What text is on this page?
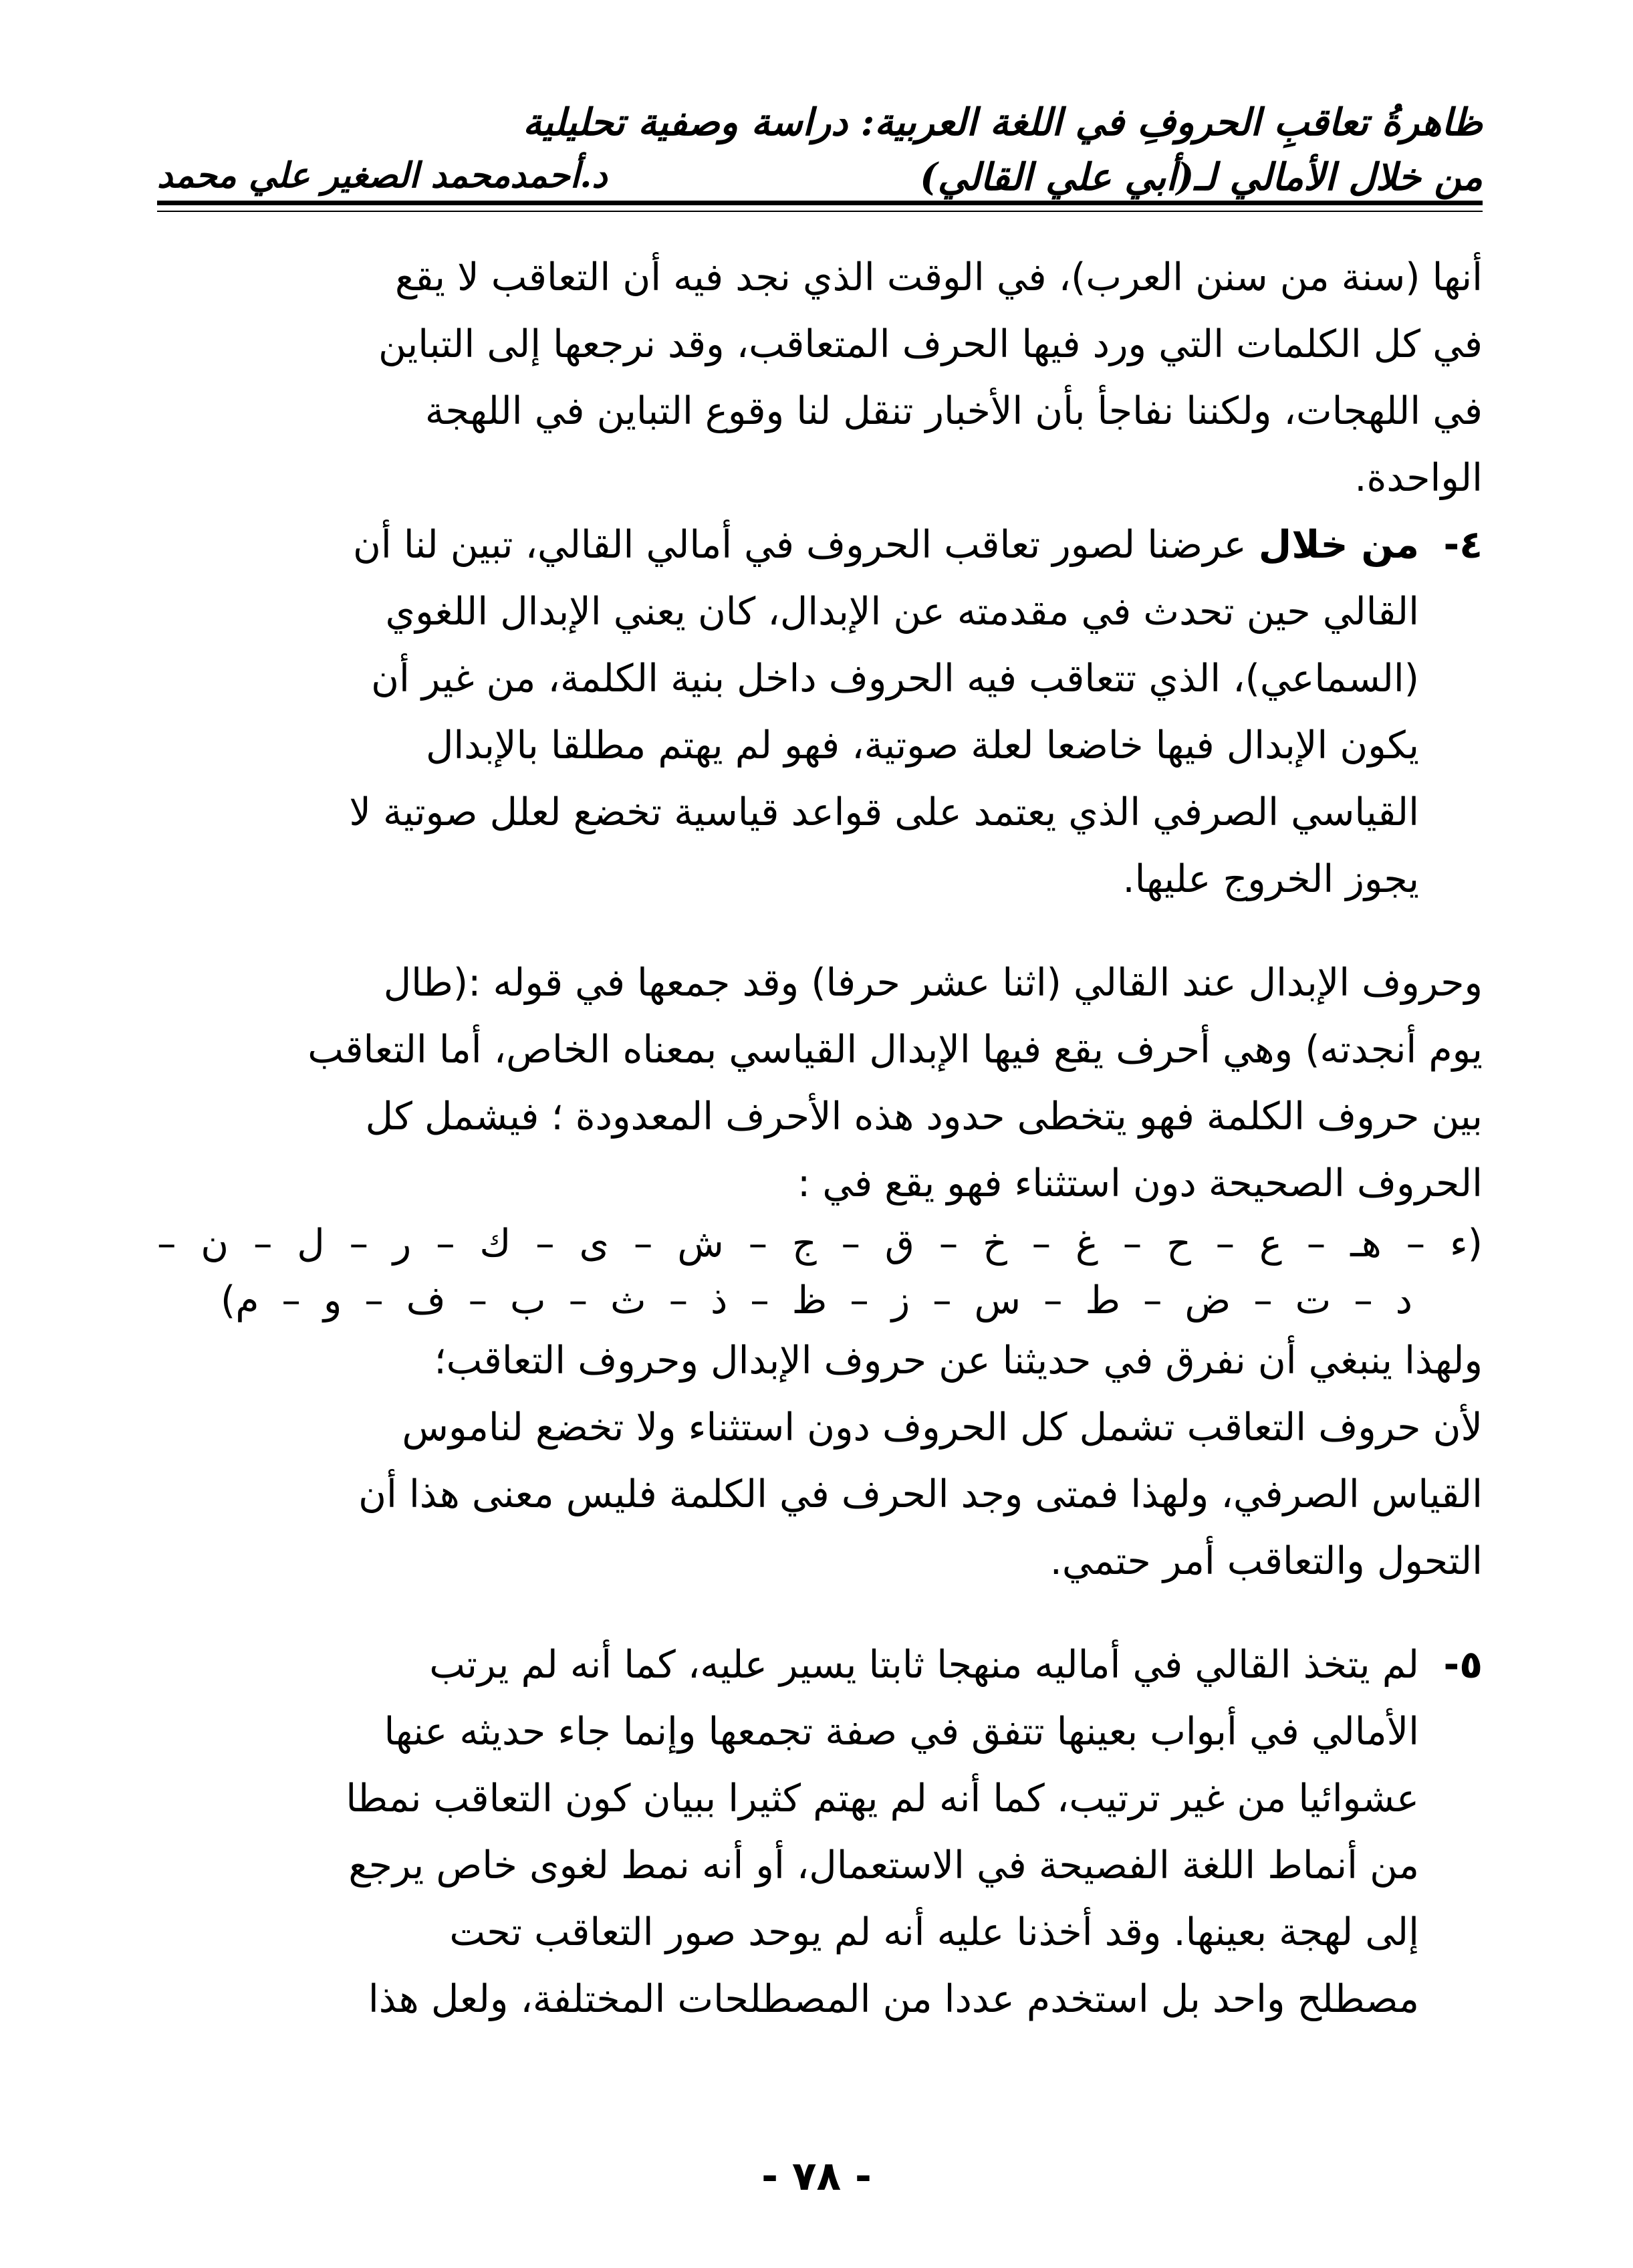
ظاهرةُ تعاقبِ الحروفِ في اللغة العربية: دراسة وصفية تحليلية
من خلال الأمالي لـ(أبي علي القالي)
د.أحمدمحمد الصغير علي محمد

أنها (سنة من سنن العرب)، في الوقت الذي نجد فيه أن التعاقب لا يقع

في كل الكلمات التي ورد فيها الحرف المتعاقب، وقد نرجعها إلى التباين

في اللهجات، ولكننا نفاجأ بأن الأخبار تنقل لنا وقوع التباين في اللهجة

الواحدة.

٤-

من خلال عرضنا لصور تعاقب الحروف في أمالي القالي، تبين لنا أن

القالي حين تحدث في مقدمته عن الإبدال، كان يعني الإبدال اللغوي

(السماعي)، الذي تتعاقب فيه الحروف داخل بنية الكلمة، من غير أن

يكون الإبدال فيها خاضعا لعلة صوتية، فهو لم يهتم مطلقا بالإبدال

القياسي الصرفي الذي يعتمد على قواعد قياسية تخضع لعلل صوتية لا

يجوز الخروج عليها.

وحروف الإبدال عند القالي (اثنا عشر حرفا) وقد جمعها في قوله :(طال

يوم أنجدته) وهي أحرف يقع فيها الإبدال القياسي بمعناه الخاص، أما التعاقب

بين حروف الكلمة فهو يتخطى حدود هذه الأحرف المعدودة ؛ فيشمل كل

الحروف الصحيحة دون استثناء فهو يقع في :

(ء – هـ – ع – ح – غ – خ – ق – ج – ش – ى – ك – ر – ل – ن –
د – ت – ض – ط – س – ز – ظ – ذ – ث – ب – ف – و – م)

ولهذا ينبغي أن نفرق في حديثنا عن حروف الإبدال وحروف التعاقب؛

لأن حروف التعاقب تشمل كل الحروف دون استثناء ولا تخضع لناموس

القياس الصرفي، ولهذا فمتى وجد الحرف في الكلمة فليس معنى هذا أن

التحول والتعاقب أمر حتمي.

٥-

لم يتخذ القالي في أماليه منهجا ثابتا يسير عليه، كما أنه لم يرتب

الأمالي في أبواب بعينها تتفق في صفة تجمعها وإنما جاء حديثه عنها

عشوائيا من غير ترتيب، كما أنه لم يهتم كثيرا ببيان كون التعاقب نمطا

من أنماط اللغة الفصيحة في الاستعمال، أو أنه نمط لغوى خاص يرجع

إلى لهجة بعينها. وقد أخذنا عليه أنه لم يوحد صور التعاقب تحت

مصطلح واحد بل استخدم عددا من المصطلحات المختلفة، ولعل هذا

- ٧٨ -
